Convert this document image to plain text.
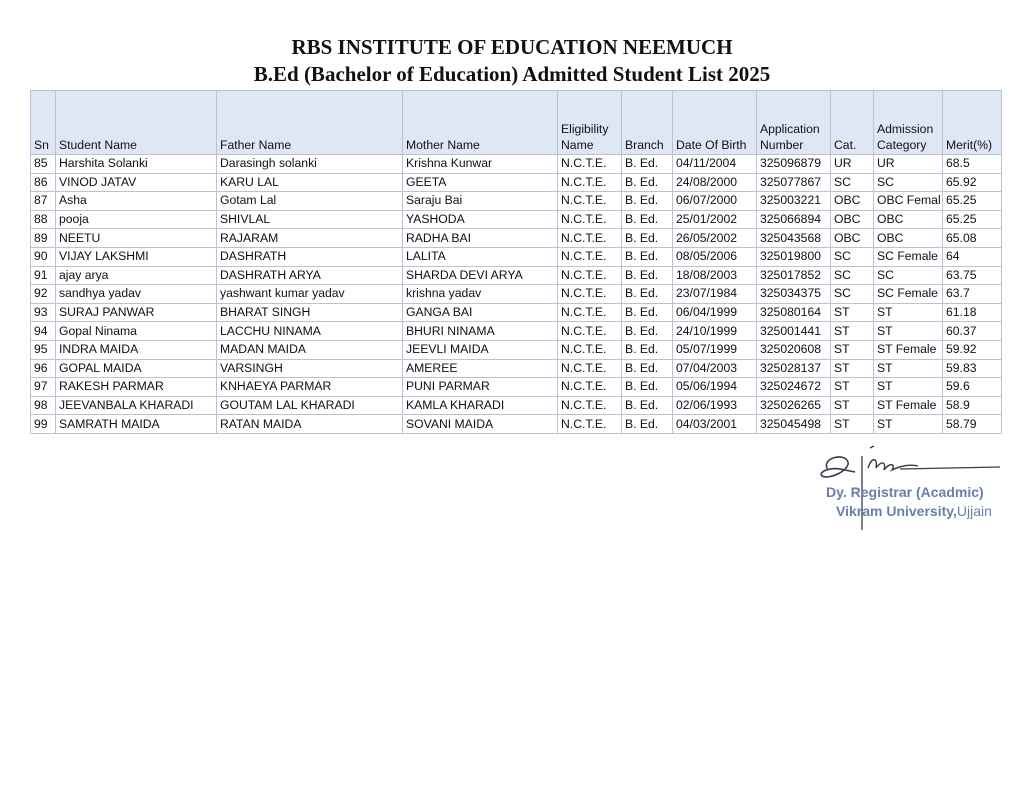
RBS INSTITUTE OF EDUCATION NEEMUCH
B.Ed (Bachelor of Education) Admitted Student List 2025
Sn	Student Name	Father Name	Mother Name	Eligibility Name	Branch	Date Of Birth	Application Number	Cat.	Admission Category	Merit(%)
85	Harshita Solanki	Darasingh solanki	Krishna Kunwar	N.C.T.E.	B. Ed.	04/11/2004	325096879	UR	UR	68.5
86	VINOD JATAV	KARU LAL	GEETA	N.C.T.E.	B. Ed.	24/08/2000	325077867	SC	SC	65.92
87	Asha	Gotam Lal	Saraju Bai	N.C.T.E.	B. Ed.	06/07/2000	325003221	OBC	OBC Femal	65.25
88	pooja	SHIVLAL	YASHODA	N.C.T.E.	B. Ed.	25/01/2002	325066894	OBC	OBC	65.25
89	NEETU	RAJARAM	RADHA BAI	N.C.T.E.	B. Ed.	26/05/2002	325043568	OBC	OBC	65.08
90	VIJAY LAKSHMI	DASHRATH	LALITA	N.C.T.E.	B. Ed.	08/05/2006	325019800	SC	SC Female	64
91	ajay arya	DASHRATH ARYA	SHARDA DEVI ARYA	N.C.T.E.	B. Ed.	18/08/2003	325017852	SC	SC	63.75
92	sandhya yadav	yashwant kumar yadav	krishna yadav	N.C.T.E.	B. Ed.	23/07/1984	325034375	SC	SC Female	63.7
93	SURAJ PANWAR	BHARAT SINGH	GANGA BAI	N.C.T.E.	B. Ed.	06/04/1999	325080164	ST	ST	61.18
94	Gopal Ninama	LACCHU NINAMA	BHURI NINAMA	N.C.T.E.	B. Ed.	24/10/1999	325001441	ST	ST	60.37
95	INDRA MAIDA	MADAN MAIDA	JEEVLI MAIDA	N.C.T.E.	B. Ed.	05/07/1999	325020608	ST	ST Female	59.92
96	GOPAL MAIDA	VARSINGH	AMEREE	N.C.T.E.	B. Ed.	07/04/2003	325028137	ST	ST	59.83
97	RAKESH PARMAR	KNHAEYA PARMAR	PUNI PARMAR	N.C.T.E.	B. Ed.	05/06/1994	325024672	ST	ST	59.6
98	JEEVANBALA KHARADI	GOUTAM LAL KHARADI	KAMLA KHARADI	N.C.T.E.	B. Ed.	02/06/1993	325026265	ST	ST Female	58.9
99	SAMRATH MAIDA	RATAN MAIDA	SOVANI MAIDA	N.C.T.E.	B. Ed.	04/03/2001	325045498	ST	ST	58.79
Dy. Registrar (Acadmic)
Vikram University,Ujjain
